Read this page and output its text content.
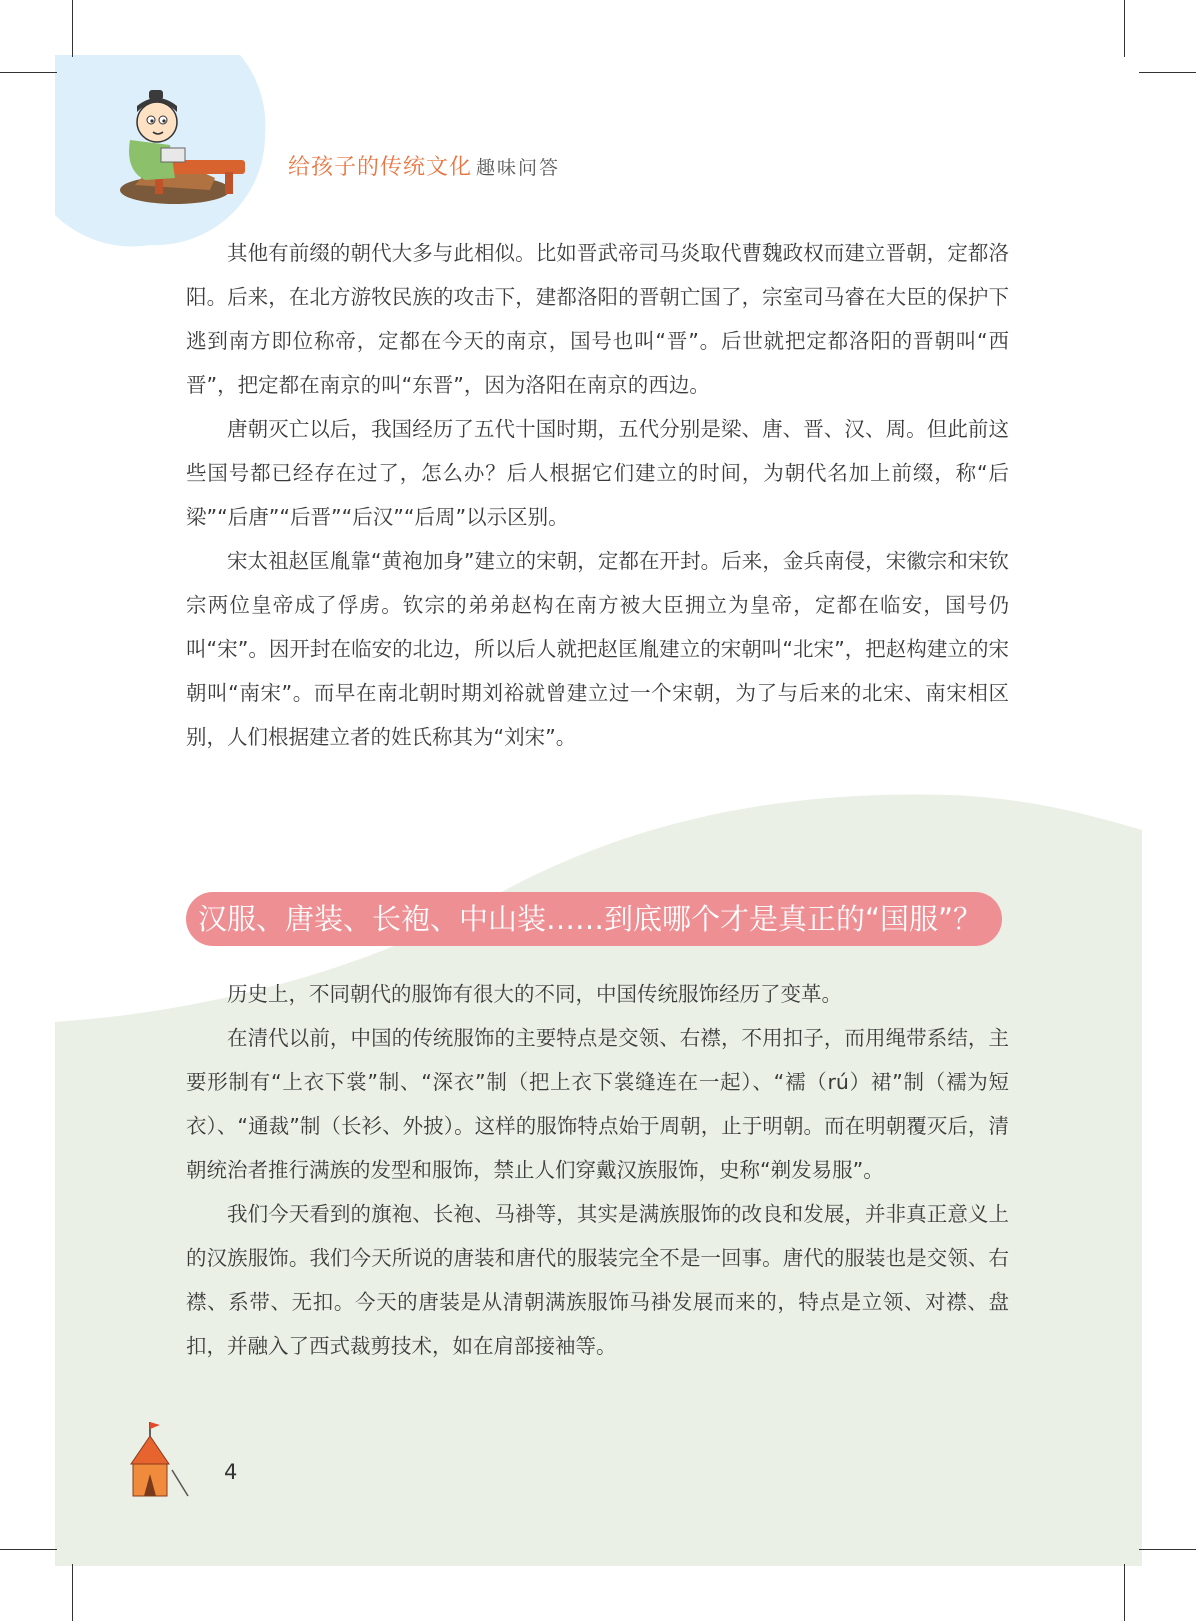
给孩子的传统文化 趣味问答

其他有前缀的朝代大多与此相似。比如晋武帝司马炎取代曹魏政权而建立晋朝，定都洛阳。后来，在北方游牧民族的攻击下，建都洛阳的晋朝亡国了，宗室司马睿在大臣的保护下逃到南方即位称帝，定都在今天的南京，国号也叫“晋”。后世就把定都洛阳的晋朝叫“西晋”，把定都在南京的叫“东晋”，因为洛阳在南京的西边。

唐朝灭亡以后，我国经历了五代十国时期，五代分别是梁、唐、晋、汉、周。但此前这些国号都已经存在过了，怎么办？后人根据它们建立的时间，为朝代名加上前缀，称“后梁”“后唐”“后晋”“后汉”“后周”以示区别。

宋太祖赵匡胤靠“黄袍加身”建立的宋朝，定都在开封。后来，金兵南侵，宋徽宗和宋钦宗两位皇帝成了俘虏。钦宗的弟弟赵构在南方被大臣拥立为皇帝，定都在临安，国号仍叫“宋”。因开封在临安的北边，所以后人就把赵匡胤建立的宋朝叫“北宋”，把赵构建立的宋朝叫“南宋”。而早在南北朝时期刘裕就曾建立过一个宋朝，为了与后来的北宋、南宋相区别，人们根据建立者的姓氏称其为“刘宋”。

汉服、唐装、长袍、中山装……到底哪个才是真正的“国服”？

历史上，不同朝代的服饰有很大的不同，中国传统服饰经历了变革。

在清代以前，中国的传统服饰的主要特点是交领、右襟，不用扣子，而用绳带系结，主要形制有“上衣下裳”制、“深衣”制（把上衣下裳缝连在一起）、“襦（rú）裙”制（襦为短衣）、“通裁”制（长衫、外披）。这样的服饰特点始于周朝，止于明朝。而在明朝覆灭后，清朝统治者推行满族的发型和服饰，禁止人们穿戴汉族服饰，史称“剃发易服”。

我们今天看到的旗袍、长袍、马褂等，其实是满族服饰的改良和发展，并非真正意义上的汉族服饰。我们今天所说的唐装和唐代的服装完全不是一回事。唐代的服装也是交领、右襟、系带、无扣。今天的唐装是从清朝满族服饰马褂发展而来的，特点是立领、对襟、盘扣，并融入了西式裁剪技术，如在肩部接袖等。

4
